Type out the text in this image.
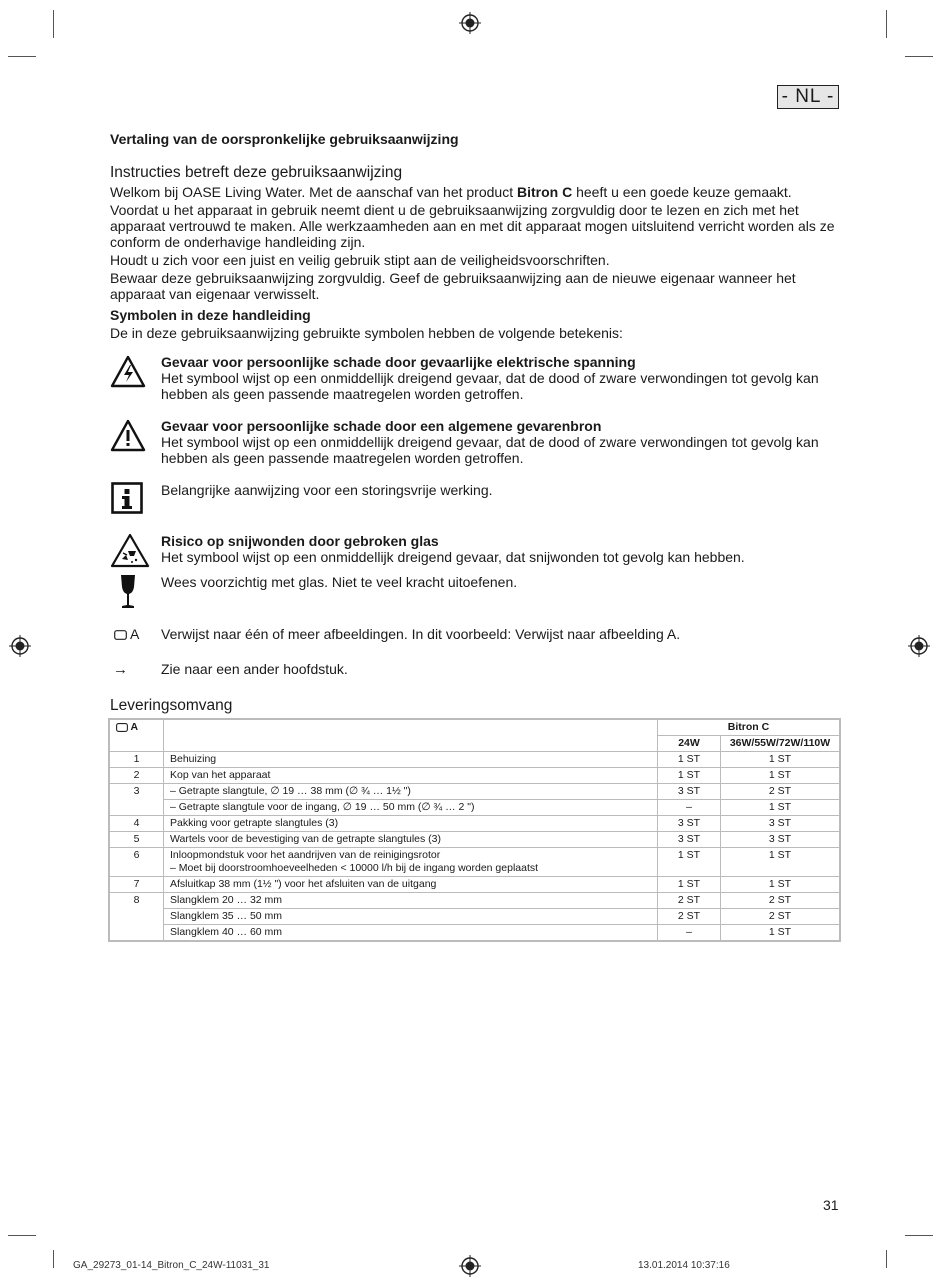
- NL -
Vertaling van de oorspronkelijke gebruiksaanwijzing
Instructies betreft deze gebruiksaanwijzing

Welkom bij OASE Living Water. Met de aanschaf van het product Bitron C heeft u een goede keuze gemaakt.

Voordat u het apparaat in gebruik neemt dient u de gebruiksaanwijzing zorgvuldig door te lezen en zich met het apparaat vertrouwd te maken. Alle werkzaamheden aan en met dit apparaat mogen uitsluitend verricht worden als ze conform de onderhavige handleiding zijn.

Houdt u zich voor een juist en veilig gebruik stipt aan de veiligheidsvoorschriften.

Bewaar deze gebruiksaanwijzing zorgvuldig. Geef de gebruiksaanwijzing aan de nieuwe eigenaar wanneer het apparaat van eigenaar verwisselt.

Symbolen in deze handleiding
De in deze gebruiksaanwijzing gebruikte symbolen hebben de volgende betekenis:
Gevaar voor persoonlijke schade door gevaarlijke elektrische spanning
Het symbool wijst op een onmiddellijk dreigend gevaar, dat de dood of zware verwondingen tot gevolg kan hebben als geen passende maatregelen worden getroffen.
Gevaar voor persoonlijke schade door een algemene gevarenbron
Het symbool wijst op een onmiddellijk dreigend gevaar, dat de dood of zware verwondingen tot gevolg kan hebben als geen passende maatregelen worden getroffen.
Belangrijke aanwijzing voor een storingsvrije werking.
Risico op snijwonden door gebroken glas
Het symbool wijst op een onmiddellijk dreigend gevaar, dat snijwonden tot gevolg kan hebben.
Wees voorzichtig met glas. Niet te veel kracht uitoefenen.
A Verwijst naar één of meer afbeeldingen. In dit voorbeeld: Verwijst naar afbeelding A.
→ Zie naar een ander hoofdstuk.
Leveringsomvang
A		Bitron C	
		24W	36W/55W/72W/110W
1	Behuizing	1 ST	1 ST
2	Kop van het apparaat	1 ST	1 ST
3	– Getrapte slangtule, ∅ 19 … 38 mm (∅ ¾ … 1½ ")	3 ST	2 ST

	– Getrapte slangtule voor de ingang, ∅ 19 … 50 mm (∅ ¾ … 2 ")	–	1 ST
4	Pakking voor getrapte slangtules (3)	3 ST	3 ST
5	Wartels voor de bevestiging van de getrapte slangtules (3)	3 ST	3 ST
6	Inloopmondstuk voor het aandrijven van de reinigingsrotor
– Moet bij doorstroomhoeveelheden < 10000 l/h bij de ingang worden geplaatst	1 ST	1 ST
7	Afsluitkap 38 mm (1½ ") voor het afsluiten van de uitgang	1 ST	1 ST
8	Slangklem 20 … 32 mm	2 ST	2 ST

	Slangklem 35 … 50 mm	2 ST	2 ST

	Slangklem 40 … 60 mm	–	1 ST
31
GA_29273_01-14_Bitron_C_24W-11031_31	13.01.2014 10:37:16
